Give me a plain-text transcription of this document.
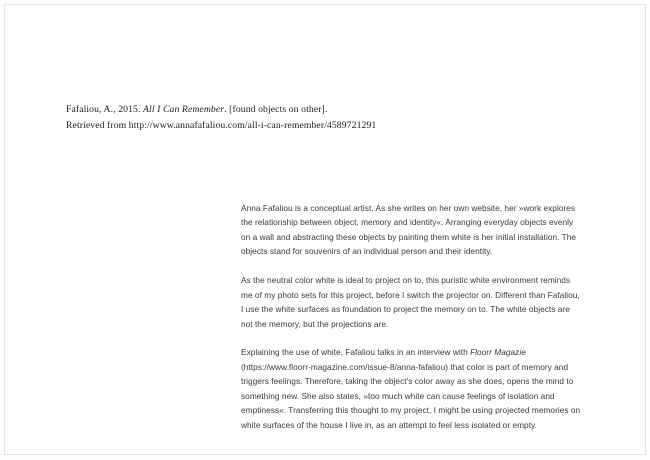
Fafaliou, A., 2015. All I Can Remember. [found objects on other].
Retrieved from http://www.annafafaliou.com/all-i-can-remember/4589721291

Anna Fafaliou is a conceptual artist. As she writes on her own website, her »work explores the relationship between object, memory and identity«. Arranging everyday objects evenly on a wall and abstracting these objects by painting them white is her initial installation. The objects stand for souvenirs of an individual person and their identity.

As the neutral color white is ideal to project on to, this puristic white environment reminds me of my photo sets for this project, before I switch the projector on. Different than Fafaliou, I use the white surfaces as foundation to project the memory on to. The white objects are not the memory, but the projections are.

Explaining the use of white, Fafaliou talks in an interview with Floorr Magazie (https://www.floorr-magazine.com/issue-8/anna-fafaliou) that color is part of memory and triggers feelings. Therefore, taking the object's color away as she does, opens the mind to something new. She also states, »too much white can cause feelings of isolation and emptiness«. Transferring this thought to my project, I might be using projected memories on white surfaces of the house I live in, as an attempt to feel less isolated or empty.
